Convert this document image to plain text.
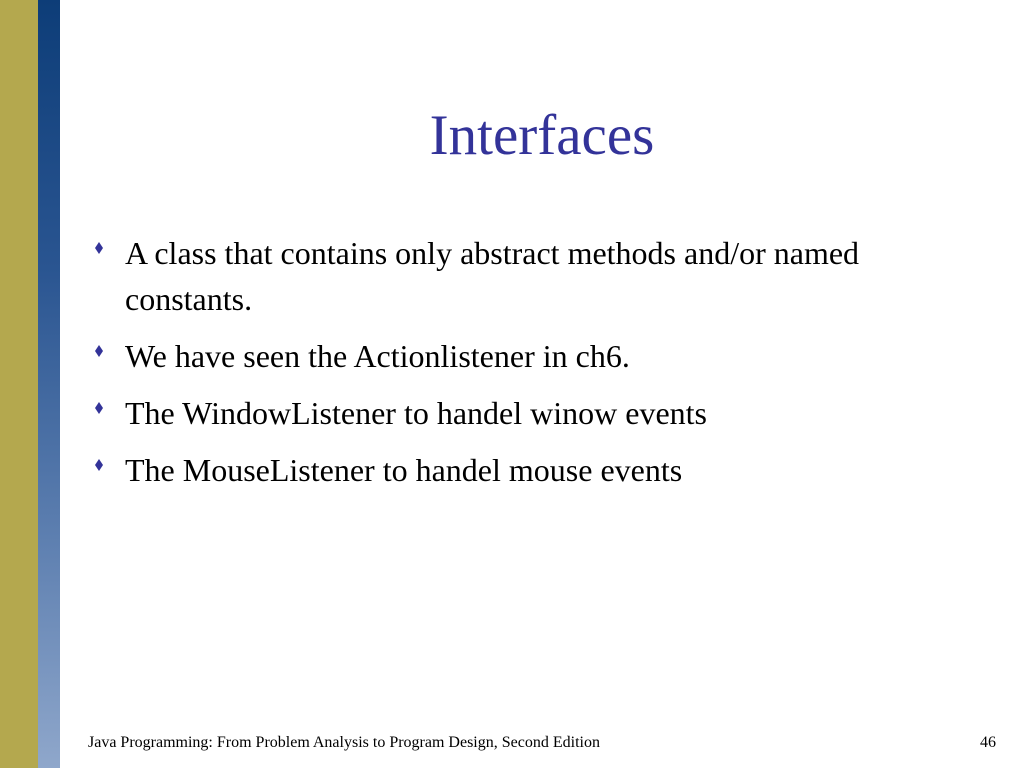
Interfaces
A class that contains only abstract methods and/or named constants.
We have seen the Actionlistener in ch6.
The WindowListener to handel winow events
The MouseListener to handel mouse events
Java Programming: From Problem Analysis to Program Design, Second Edition	46
